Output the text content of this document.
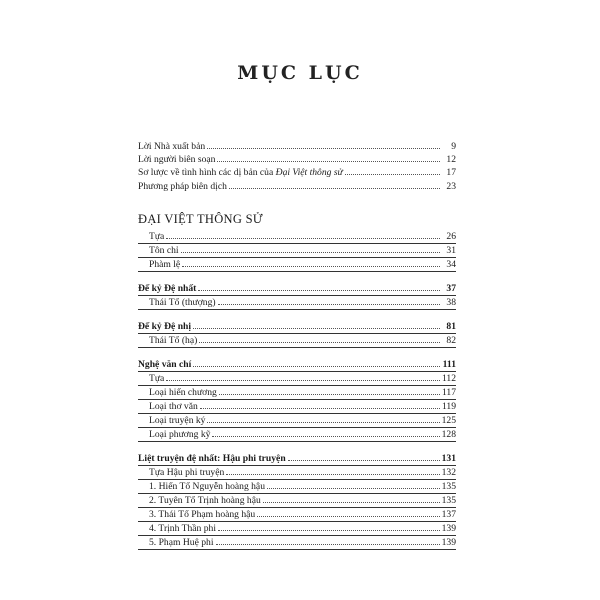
MỤC LỤC
Lời Nhà xuất bản	9
Lời người biên soạn	12
Sơ lược về tình hình các dị bản của Đại Việt thông sử	17
Phương pháp biên dịch	23
ĐẠI VIỆT THÔNG SỬ
Tựa	26
Tôn chỉ	31
Phàm lệ	34
Đế kỷ Đệ nhất	37
Thái Tổ (thượng)	38
Đế kỷ Đệ nhị	81
Thái Tổ (hạ)	82
Nghệ văn chí	111
Tựa	112
Loại hiến chương	117
Loại thơ văn	119
Loại truyện ký	125
Loại phương kỹ	128
Liệt truyện đệ nhất: Hậu phi truyện	131
Tựa Hậu phi truyện	132
1. Hiến Tổ Nguyễn hoàng hậu	135
2. Tuyên Tổ Trịnh hoàng hậu	135
3. Thái Tổ Phạm hoàng hậu	137
4. Trịnh Thần phi	139
5. Phạm Huệ phi	139
